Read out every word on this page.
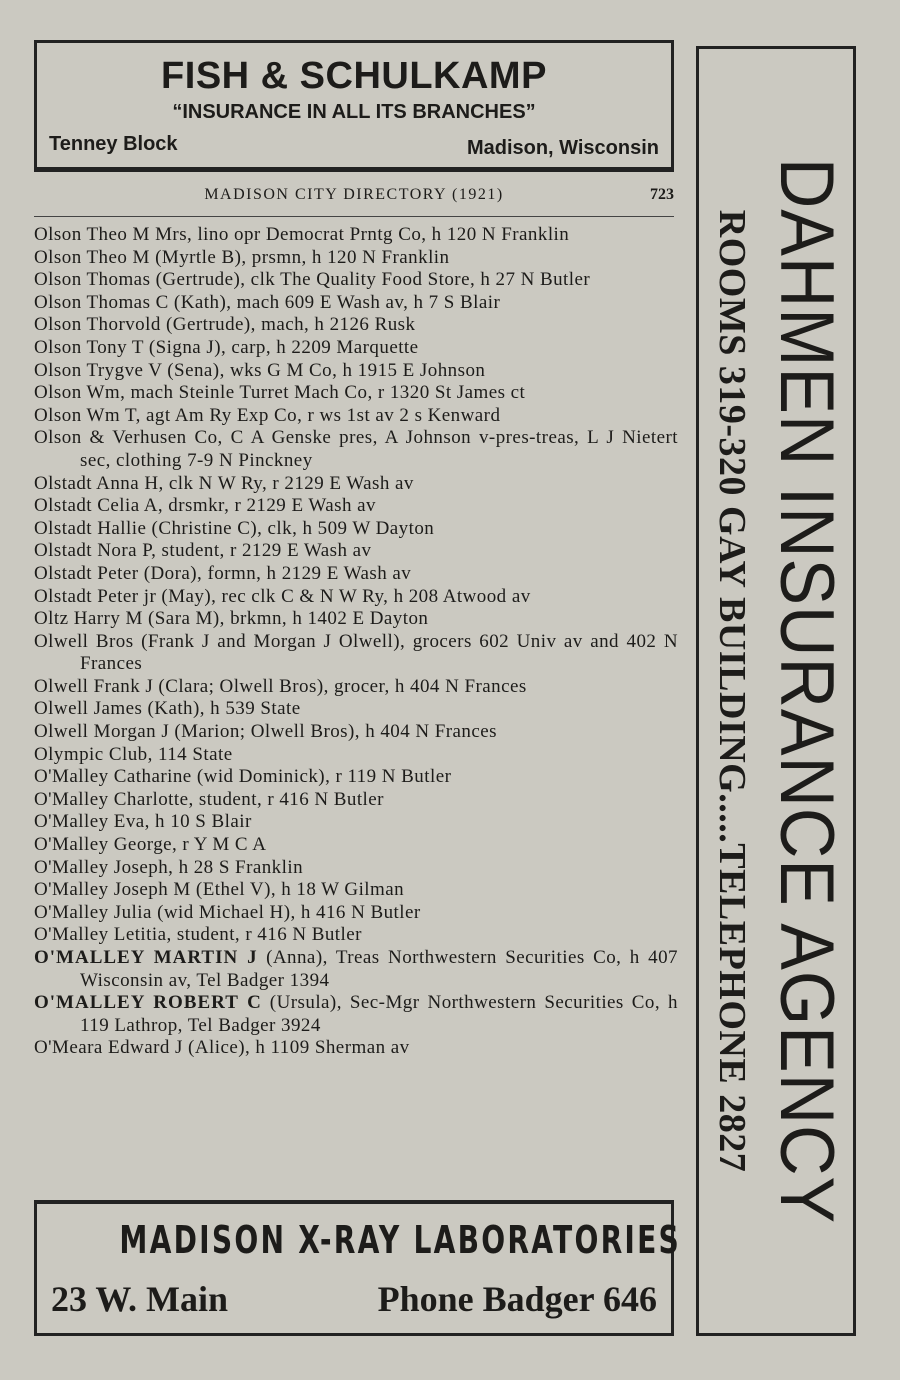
FISH & SCHULKAMP
“INSURANCE IN ALL ITS BRANCHES”
Tenney Block	Madison, Wisconsin
MADISON CITY DIRECTORY (1921)	723
Olson Theo M Mrs, lino opr Democrat Prntg Co, h 120 N Franklin
Olson Theo M (Myrtle B), prsmn, h 120 N Franklin
Olson Thomas (Gertrude), clk The Quality Food Store, h 27 N Butler
Olson Thomas C (Kath), mach 609 E Wash av, h 7 S Blair
Olson Thorvold (Gertrude), mach, h 2126 Rusk
Olson Tony T (Signa J), carp, h 2209 Marquette
Olson Trygve V (Sena), wks G M Co, h 1915 E Johnson
Olson Wm, mach Steinle Turret Mach Co, r 1320 St James ct
Olson Wm T, agt Am Ry Exp Co, r ws 1st av 2 s Kenward
Olson & Verhusen Co, C A Genske pres, A Johnson v-pres-treas, L J Nietert sec, clothing 7-9 N Pinckney
Olstadt Anna H, clk N W Ry, r 2129 E Wash av
Olstadt Celia A, drsmkr, r 2129 E Wash av
Olstadt Hallie (Christine C), clk, h 509 W Dayton
Olstadt Nora P, student, r 2129 E Wash av
Olstadt Peter (Dora), formn, h 2129 E Wash av
Olstadt Peter jr (May), rec clk C & N W Ry, h 208 Atwood av
Oltz Harry M (Sara M), brkmn, h 1402 E Dayton
Olwell Bros (Frank J and Morgan J Olwell), grocers 602 Univ av and 402 N Frances
Olwell Frank J (Clara; Olwell Bros), grocer, h 404 N Frances
Olwell James (Kath), h 539 State
Olwell Morgan J (Marion; Olwell Bros), h 404 N Frances
Olympic Club, 114 State
O'Malley Catharine (wid Dominick), r 119 N Butler
O'Malley Charlotte, student, r 416 N Butler
O'Malley Eva, h 10 S Blair
O'Malley George, r Y M C A
O'Malley Joseph, h 28 S Franklin
O'Malley Joseph M (Ethel V), h 18 W Gilman
O'Malley Julia (wid Michael H), h 416 N Butler
O'Malley Letitia, student, r 416 N Butler
O'MALLEY MARTIN J (Anna), Treas Northwestern Securities Co, h 407 Wisconsin av, Tel Badger 1394
O'MALLEY ROBERT C (Ursula), Sec-Mgr Northwestern Securities Co, h 119 Lathrop, Tel Badger 3924
O'Meara Edward J (Alice), h 1109 Sherman av
MADISON X-RAY LABORATORIES
23 W. Main	Phone Badger 646
DAHMEN INSURANCE AGENCY
ROOMS 319-320 GAY BUILDING.....TELEPHONE 2827
